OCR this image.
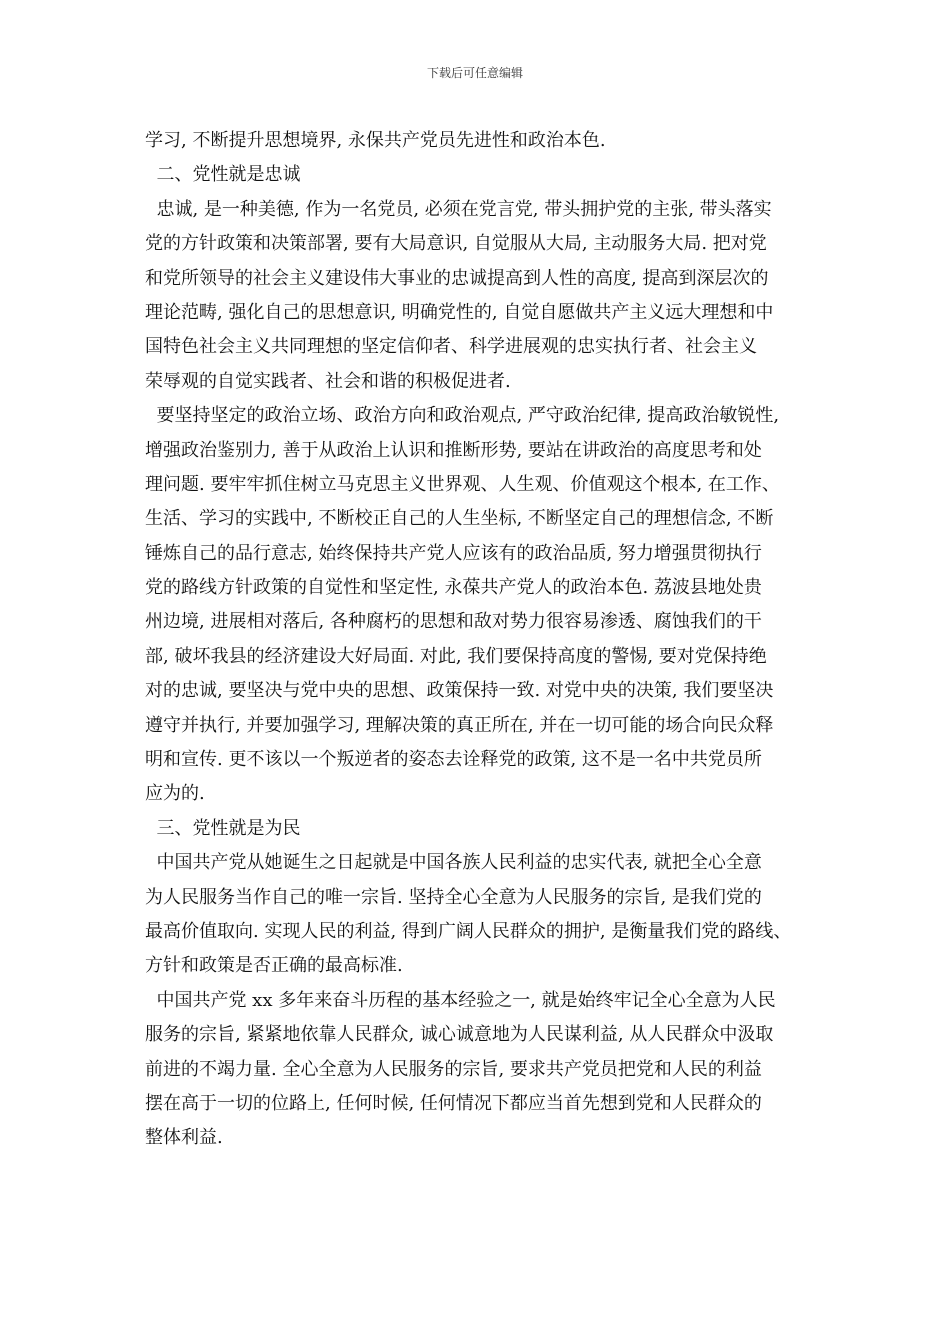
下载后可任意编辑
学习, 不断提升思想境界, 永保共产党员先进性和政治本色.
二、党性就是忠诚
忠诚, 是一种美德, 作为一名党员, 必须在党言党, 带头拥护党的主张, 带头落实
党的方针政策和决策部署, 要有大局意识, 自觉服从大局, 主动服务大局. 把对党
和党所领导的社会主义建设伟大事业的忠诚提高到人性的高度, 提高到深层次的
理论范畴, 强化自己的思想意识, 明确党性的, 自觉自愿做共产主义远大理想和中
国特色社会主义共同理想的坚定信仰者、科学进展观的忠实执行者、社会主义
荣辱观的自觉实践者、社会和谐的积极促进者.
要坚持坚定的政治立场、政治方向和政治观点, 严守政治纪律, 提高政治敏锐性,
增强政治鉴别力, 善于从政治上认识和推断形势, 要站在讲政治的高度思考和处
理问题. 要牢牢抓住树立马克思主义世界观、人生观、价值观这个根本, 在工作、
生活、学习的实践中, 不断校正自己的人生坐标, 不断坚定自己的理想信念, 不断
锤炼自己的品行意志, 始终保持共产党人应该有的政治品质, 努力增强贯彻执行
党的路线方针政策的自觉性和坚定性, 永葆共产党人的政治本色. 荔波县地处贵
州边境, 进展相对落后, 各种腐朽的思想和敌对势力很容易渗透、腐蚀我们的干
部, 破坏我县的经济建设大好局面. 对此, 我们要保持高度的警惕, 要对党保持绝
对的忠诚, 要坚决与党中央的思想、政策保持一致. 对党中央的决策, 我们要坚决
遵守并执行, 并要加强学习, 理解决策的真正所在, 并在一切可能的场合向民众释
明和宣传. 更不该以一个叛逆者的姿态去诠释党的政策, 这不是一名中共党员所
应为的.
三、党性就是为民
中国共产党从她诞生之日起就是中国各族人民利益的忠实代表, 就把全心全意
为人民服务当作自己的唯一宗旨. 坚持全心全意为人民服务的宗旨, 是我们党的
最高价值取向. 实现人民的利益, 得到广阔人民群众的拥护, 是衡量我们党的路线、
方针和政策是否正确的最高标准.
中国共产党 xx 多年来奋斗历程的基本经验之一, 就是始终牢记全心全意为人民
服务的宗旨, 紧紧地依靠人民群众, 诚心诚意地为人民谋利益, 从人民群众中汲取
前进的不竭力量. 全心全意为人民服务的宗旨, 要求共产党员把党和人民的利益
摆在高于一切的位路上, 任何时候, 任何情况下都应当首先想到党和人民群众的
整体利益.
